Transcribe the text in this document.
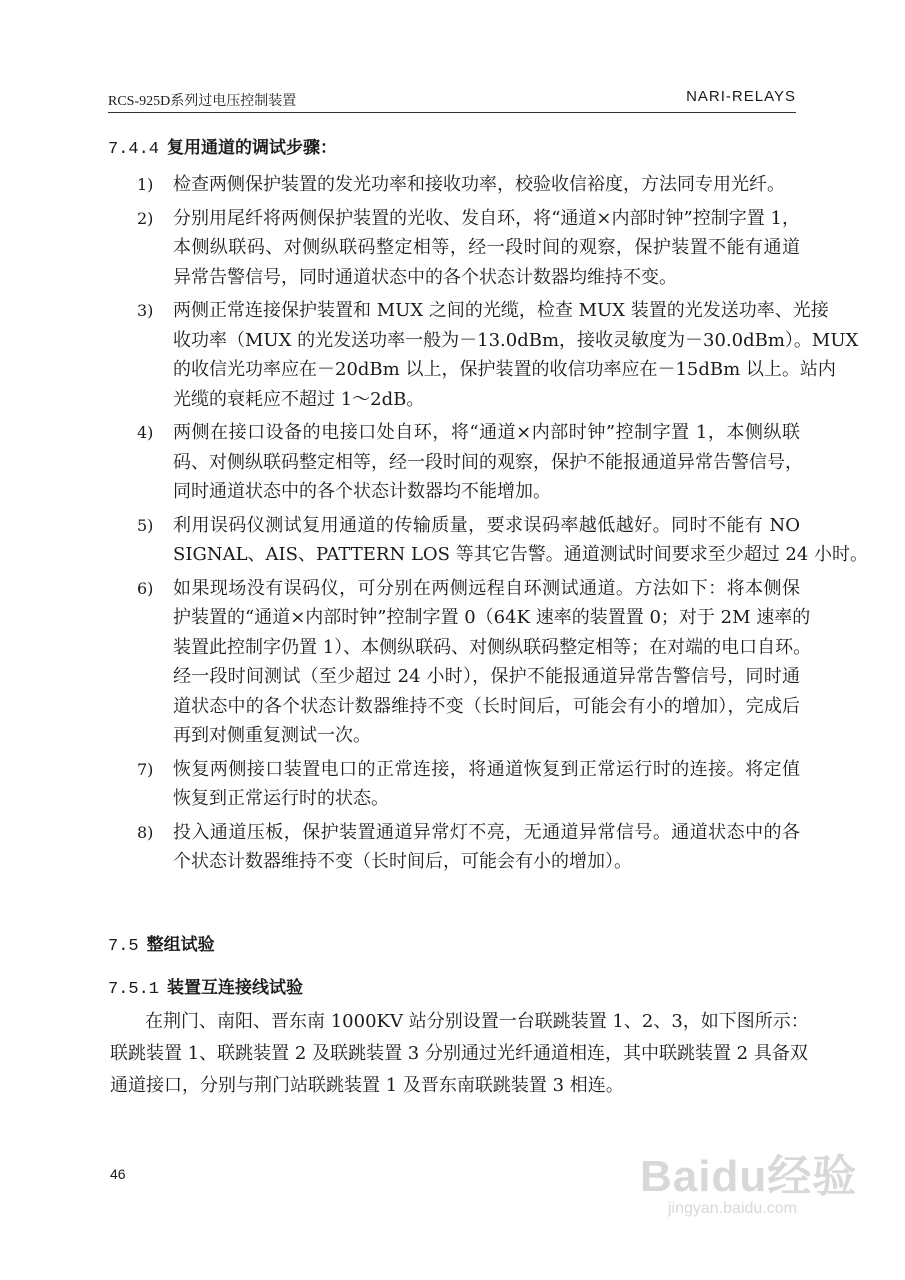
RCS-925D系列过电压控制装置	NARI-RELAYS
7.4.4 复用通道的调试步骤：
1) 检查两侧保护装置的发光功率和接收功率，校验收信裕度，方法同专用光纤。
2) 分别用尾纤将两侧保护装置的光收、发自环，将“通道×内部时钟”控制字置 1，
本侧纵联码、对侧纵联码整定相等，经一段时间的观察，保护装置不能有通道
异常告警信号，同时通道状态中的各个状态计数器均维持不变。
3) 两侧正常连接保护装置和 MUX 之间的光缆，检查 MUX 装置的光发送功率、光接
收功率（MUX 的光发送功率一般为－13.0dBm，接收灵敏度为－30.0dBm）。MUX
的收信光功率应在－20dBm 以上，保护装置的收信功率应在－15dBm 以上。站内
光缆的衰耗应不超过 1～2dB。
4) 两侧在接口设备的电接口处自环，将“通道×内部时钟”控制字置 1，本侧纵联
码、对侧纵联码整定相等，经一段时间的观察，保护不能报通道异常告警信号，
同时通道状态中的各个状态计数器均不能增加。
5) 利用误码仪测试复用通道的传输质量，要求误码率越低越好。同时不能有 NO
SIGNAL、AIS、PATTERN LOS 等其它告警。通道测试时间要求至少超过 24 小时。
6) 如果现场没有误码仪，可分别在两侧远程自环测试通道。方法如下：将本侧保
护装置的“通道×内部时钟”控制字置 0（64K 速率的装置置 0；对于 2M 速率的
装置此控制字仍置 1）、本侧纵联码、对侧纵联码整定相等；在对端的电口自环。
经一段时间测试（至少超过 24 小时），保护不能报通道异常告警信号，同时通
道状态中的各个状态计数器维持不变（长时间后，可能会有小的增加），完成后
再到对侧重复测试一次。
7) 恢复两侧接口装置电口的正常连接，将通道恢复到正常运行时的连接。将定值
恢复到正常运行时的状态。
8) 投入通道压板，保护装置通道异常灯不亮，无通道异常信号。通道状态中的各
个状态计数器维持不变（长时间后，可能会有小的增加）。
7.5 整组试验
7.5.1 装置互连接线试验
在荆门、南阳、晋东南 1000KV 站分别设置一台联跳装置 1、2、3，如下图所示：
联跳装置 1、联跳装置 2 及联跳装置 3 分别通过光纤通道相连，其中联跳装置 2 具备双
通道接口，分别与荆门站联跳装置 1 及晋东南联跳装置 3 相连。
46	Baidu经验
jingyan.baidu.com
